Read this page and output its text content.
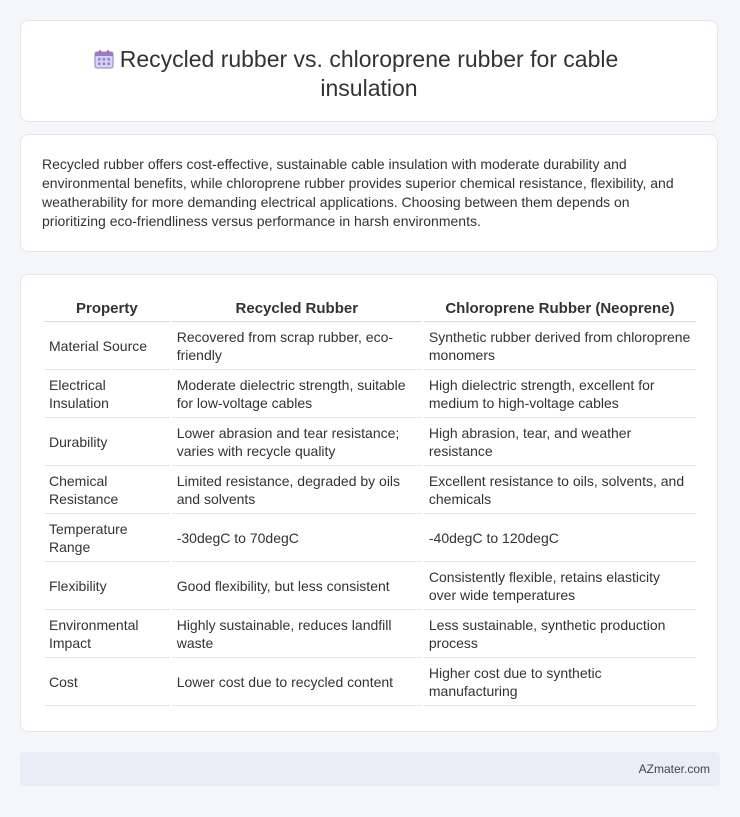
Recycled rubber vs. chloroprene rubber for cable
insulation

Recycled rubber offers cost-effective, sustainable cable insulation with moderate durability and environmental benefits, while chloroprene rubber provides superior chemical resistance, flexibility, and weatherability for more demanding electrical applications. Choosing between them depends on prioritizing eco-friendliness versus performance in harsh environments.

Property	Recycled Rubber	Chloroprene Rubber (Neoprene)
Material Source	Recovered from scrap rubber, eco-friendly	Synthetic rubber derived from chloroprene monomers
Electrical Insulation	Moderate dielectric strength, suitable for low-voltage cables	High dielectric strength, excellent for medium to high-voltage cables
Durability	Lower abrasion and tear resistance; varies with recycle quality	High abrasion, tear, and weather resistance
Chemical Resistance	Limited resistance, degraded by oils and solvents	Excellent resistance to oils, solvents, and chemicals
Temperature Range	-30degC to 70degC	-40degC to 120degC
Flexibility	Good flexibility, but less consistent	Consistently flexible, retains elasticity over wide temperatures
Environmental Impact	Highly sustainable, reduces landfill waste	Less sustainable, synthetic production process
Cost	Lower cost due to recycled content	Higher cost due to synthetic manufacturing
AZmater.com
